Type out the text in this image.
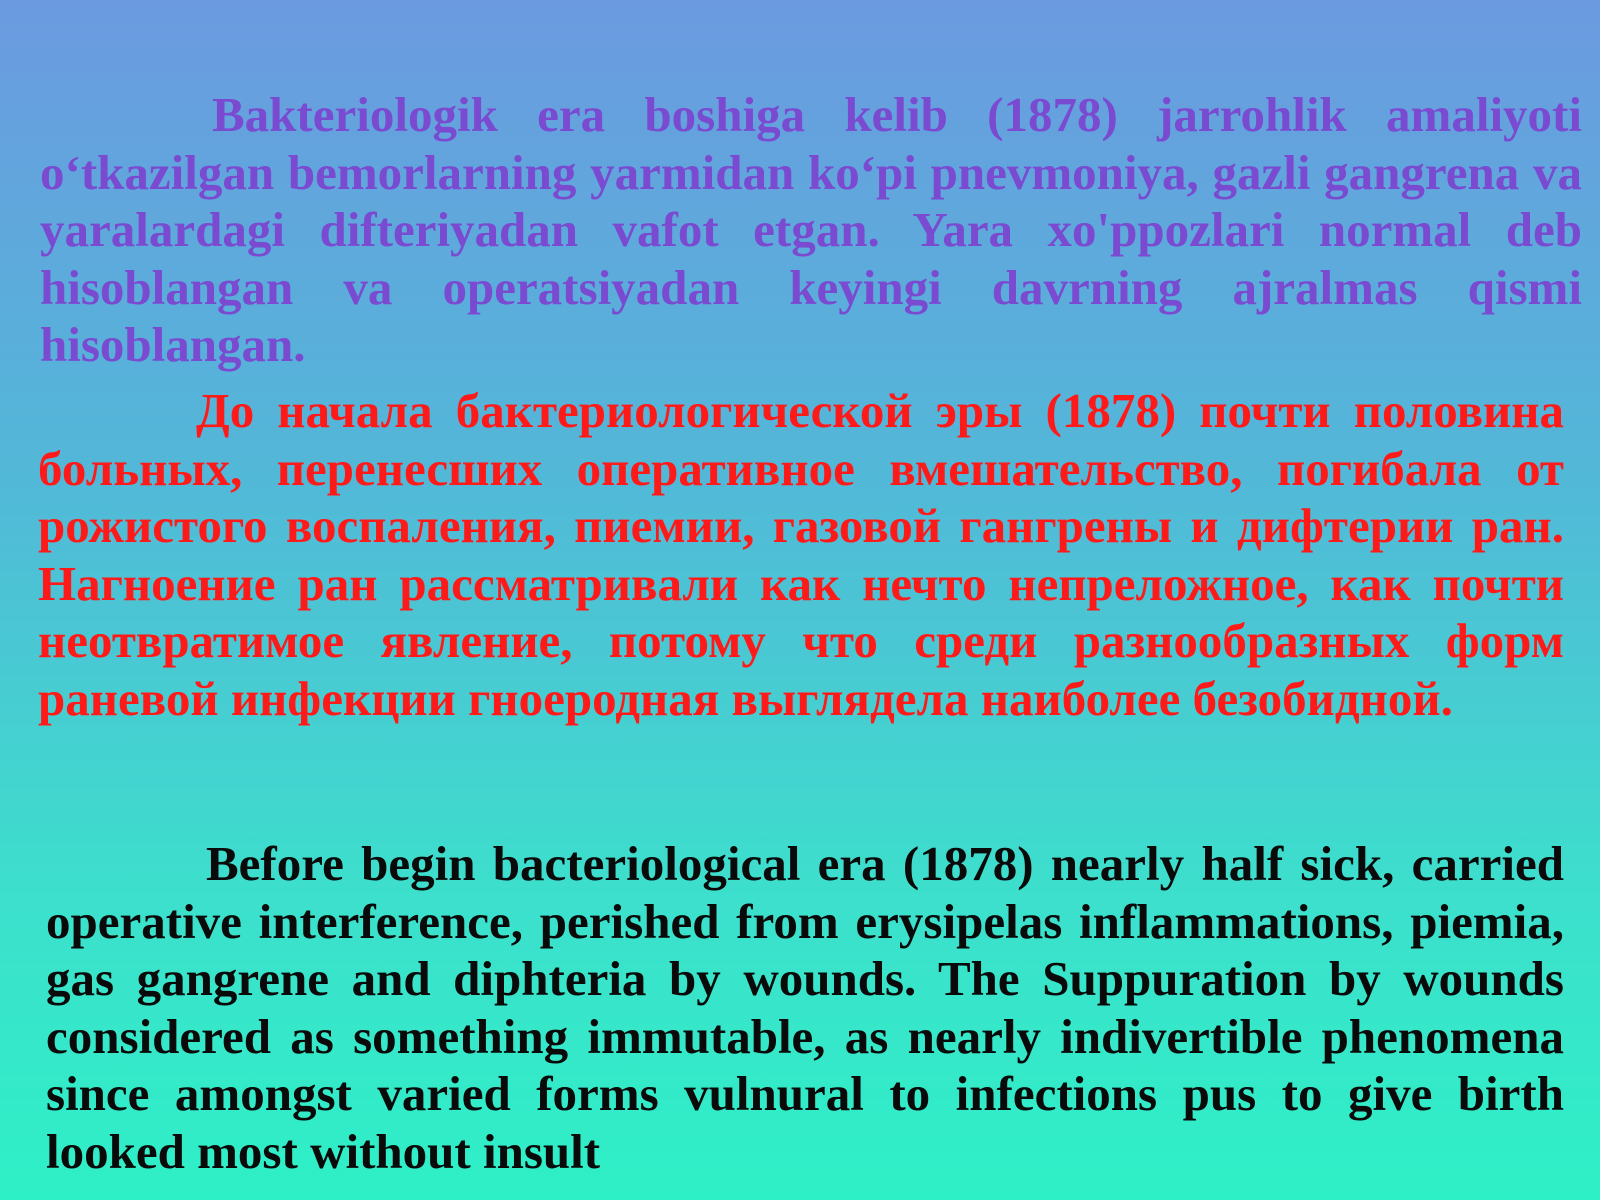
Bakteriologik era boshiga kelib (1878) jarrohlik amaliyoti o‘tkazilgan bemorlarning yarmidan ko‘pi pnevmoniya, gazli gangrena va yaralardagi difteriyadan vafot etgan. Yara xo'ppozlari normal deb hisoblangan va operatsiyadan keyingi davrning ajralmas qismi hisoblangan.

До начала бактериологической эры (1878) почти половина больных, перенесших оперативное вмешательство, погибала от рожистого воспаления, пиемии, газовой гангрены и дифтерии ран. Нагноение ран рассматривали как нечто непреложное, как почти неотвратимое явление, потому что среди разнообразных форм раневой инфекции гноеродная выглядела наиболее безобидной.

Before begin bacteriological era (1878) nearly half sick, carried operative interference, perished from erysipelas inflammations, piemia, gas gangrene and diphteria by wounds. The Suppuration by wounds considered as something immutable, as nearly indivertible phenomena since amongst varied forms vulnural to infections pus to give birth looked most without insult
